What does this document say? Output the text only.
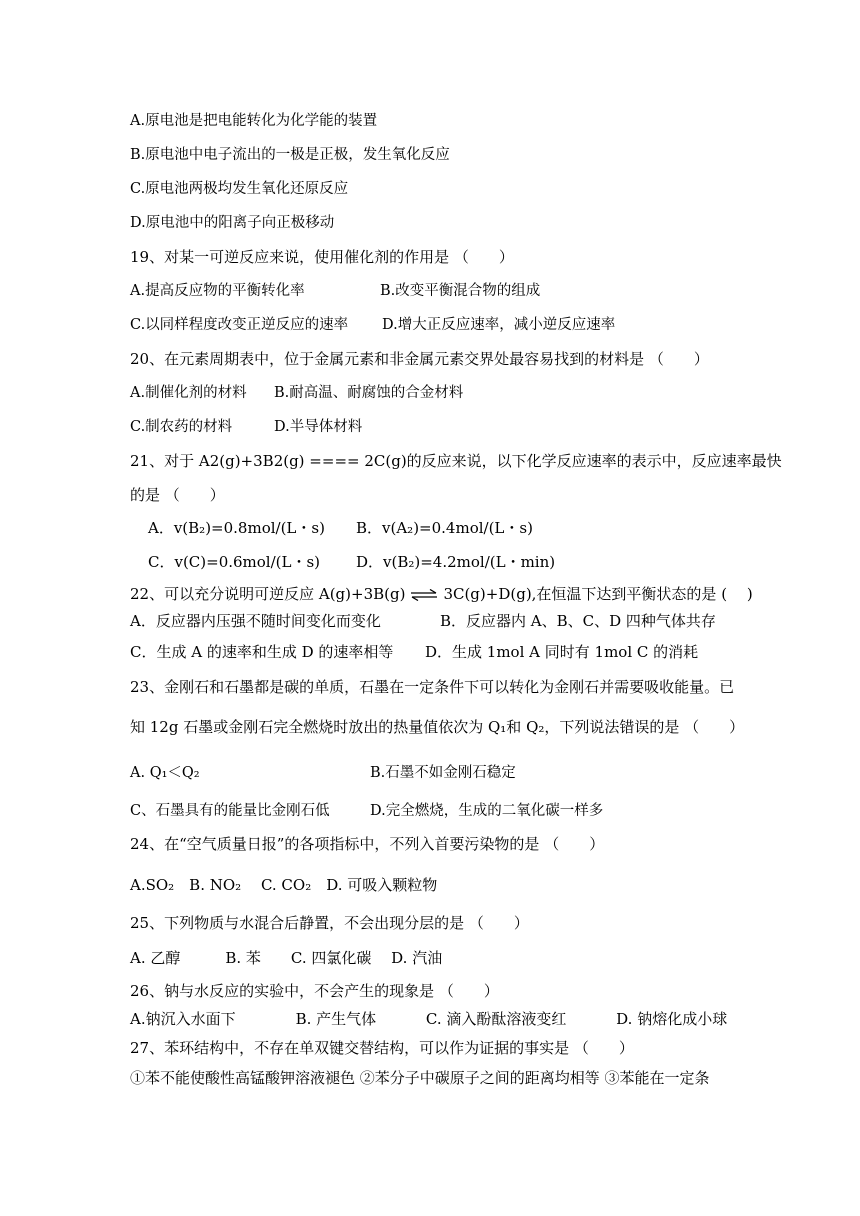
A.原电池是把电能转化为化学能的装置
B.原电池中电子流出的一极是正极，发生氧化反应
C.原电池两极均发生氧化还原反应
D.原电池中的阳离子向正极移动
19、对某一可逆反应来说，使用催化剂的作用是 （　　）
A.提高反应物的平衡转化率	B.改变平衡混合物的组成
C.以同样程度改变正逆反应的速率 D.增大正反应速率，减小逆反应速率
20、在元素周期表中，位于金属元素和非金属元素交界处最容易找到的材料是 （　　）
A.制催化剂的材料 B.耐高温、耐腐蚀的合金材料
C.制农药的材料	D.半导体材料
21、对于 A2(g)+3B2(g) ==== 2C(g)的反应来说，以下化学反应速率的表示中，反应速率最快
的是 （　　）
A．v(B₂)=0.8mol/(L・s) B．v(A₂)=0.4mol/(L・s)
C．v(C)=0.6mol/(L・s) D．v(B₂)=4.2mol/(L・min)
22、可以充分说明可逆反应 A(g)+3B(g) ⇌ 3C(g)+D(g),在恒温下达到平衡状态的是 (　 )
A．反应器内压强不随时间变化而变化	B．反应器内 A、B、C、D 四种气体共存
C．生成 A 的速率和生成 D 的速率相等 D．生成 1mol A 同时有 1mol C 的消耗
23、金刚石和石墨都是碳的单质，石墨在一定条件下可以转化为金刚石并需要吸收能量。已
知 12g 石墨或金刚石完全燃烧时放出的热量值依次为 Q₁和 Q₂，下列说法错误的是 （　　）
A. Q₁＜Q₂	B.石墨不如金刚石稳定
C、石墨具有的能量比金刚石低	D.完全燃烧，生成的二氧化碳一样多
24、在“空气质量日报”的各项指标中，不列入首要污染物的是 （　　）
A.SO₂　B. NO₂　 C. CO₂　D. 可吸入颗粒物
25、下列物质与水混合后静置，不会出现分层的是 （　　）
A. 乙醇　　　B. 苯　　C. 四氯化碳　 D. 汽油
26、钠与水反应的实验中，不会产生的现象是 （　　）
A.钠沉入水面下　　　　B. 产生气体　　　 C. 滴入酚酞溶液变红　　　 D. 钠熔化成小球
27、苯环结构中，不存在单双键交替结构，可以作为证据的事实是 （　　）
①苯不能使酸性高锰酸钾溶液褪色 ②苯分子中碳原子之间的距离均相等 ③苯能在一定条
